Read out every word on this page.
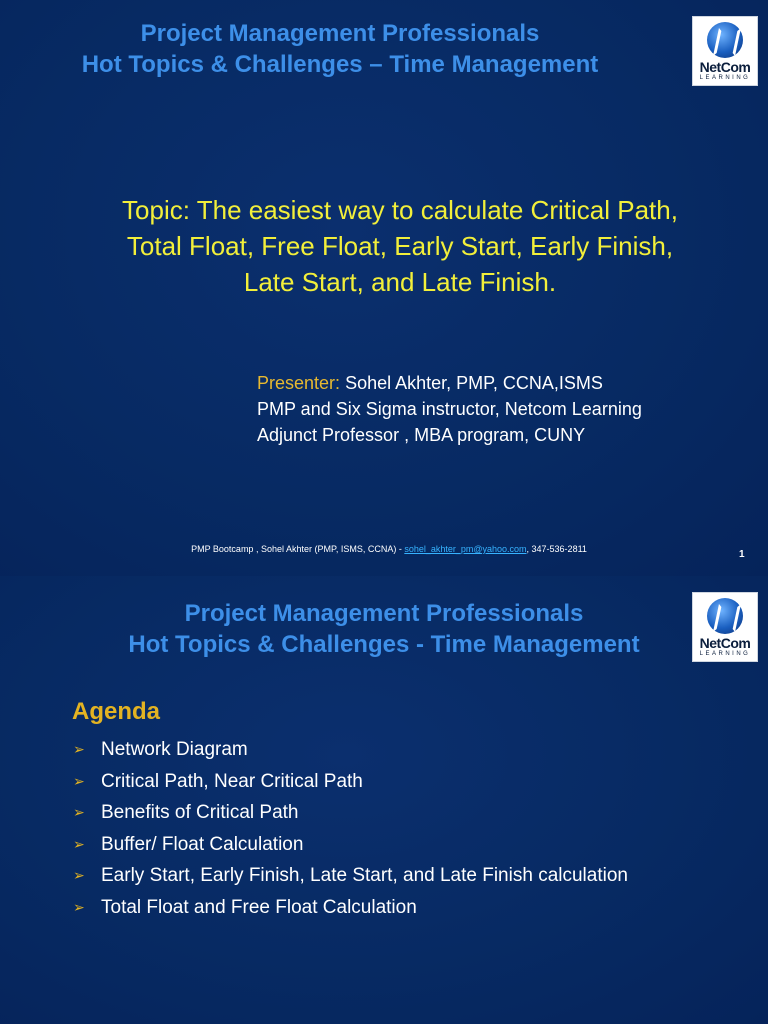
Project Management Professionals
Hot Topics & Challenges – Time Management	NetCom
LEARNING
Topic: The easiest way to calculate Critical Path,
Total Float, Free Float, Early Start, Early Finish,
Late Start, and Late Finish.
Presenter: Sohel Akhter, PMP, CCNA,ISMS
PMP and Six Sigma instructor, Netcom Learning
Adjunct Professor , MBA program, CUNY
PMP Bootcamp , Sohel Akhter (PMP, ISMS, CCNA) - sohel_akhter_pm@yahoo.com, 347-536-2811	1
Project Management Professionals
Hot Topics & Challenges - Time Management	NetCom
LEARNING
Agenda
➢ Network Diagram
➢ Critical Path, Near Critical Path
➢ Benefits of Critical Path
➢ Buffer/ Float Calculation
➢ Early Start, Early Finish, Late Start, and Late Finish calculation
➢ Total Float and Free Float Calculation
